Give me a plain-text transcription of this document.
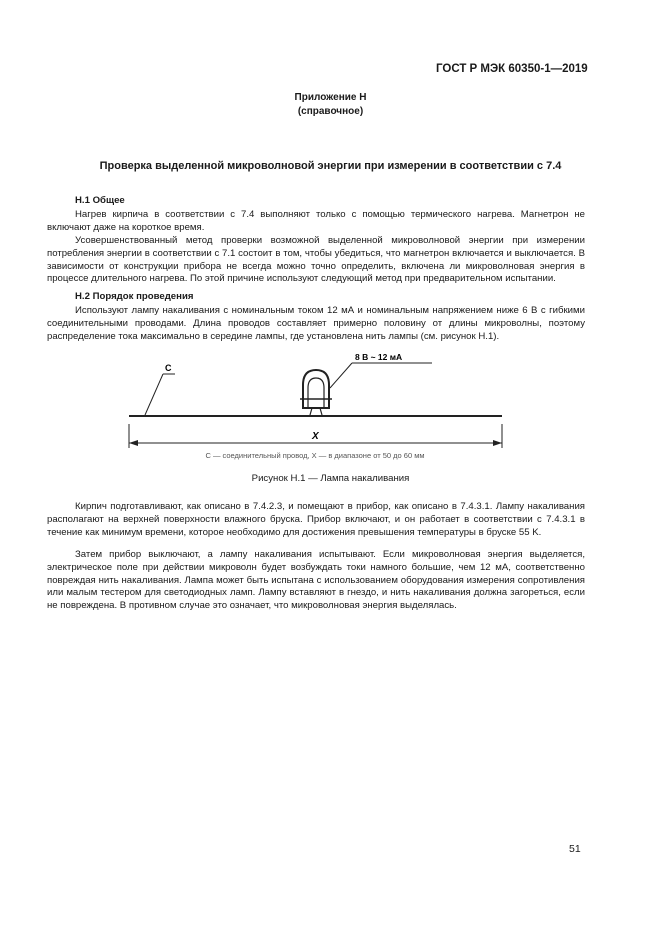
ГОСТ Р МЭК 60350-1—2019
Приложение Н
(справочное)
Проверка выделенной микроволновой энергии при измерении в соответствии с 7.4
Н.1 Общее
Нагрев кирпича в соответствии с 7.4 выполняют только с помощью термического нагрева. Магнетрон не включают даже на короткое время.
Усовершенствованный метод проверки возможной выделенной микроволновой энергии при измерении потребления энергии в соответствии с 7.1 состоит в том, чтобы убедиться, что магнетрон включается и выключается. В зависимости от конструкции прибора не всегда можно точно определить, включена ли микроволновая энергия в процессе длительного нагрева. По этой причине используют следующий метод при предварительном испытании.
Н.2 Порядок проведения
Используют лампу накаливания с номинальным током 12 мА и номинальным напряжением ниже 6 В с гибкими соединительными проводами. Длина проводов составляет примерно половину от длины микроволны, поэтому распределение тока максимально в середине лампы, где установлена нить лампы (см. рисунок Н.1).
C
8 В ~ 12 мА
X
С — соединительный провод, X — в диапазоне от 50 до 60 мм
Рисунок Н.1 — Лампа накаливания
Кирпич подготавливают, как описано в 7.4.2.3, и помещают в прибор, как описано в 7.4.3.1. Лампу накаливания располагают на верхней поверхности влажного бруска. Прибор включают, и он работает в соответствии с 7.4.3.1 в течение как минимум времени, которое необходимо для достижения превышения температуры в бруске 55 K.
Затем прибор выключают, а лампу накаливания испытывают. Если микроволновая энергия выделяется, электрическое поле при действии микроволн будет возбуждать токи намного большие, чем 12 мА, соответственно повреждая нить накаливания. Лампа может быть испытана с использованием оборудования измерения сопротивления или малым тестером для светодиодных ламп. Лампу вставляют в гнездо, и нить накаливания должна загореться, если не повреждена. В противном случае это означает, что микроволновая энергия выделялась.
51
